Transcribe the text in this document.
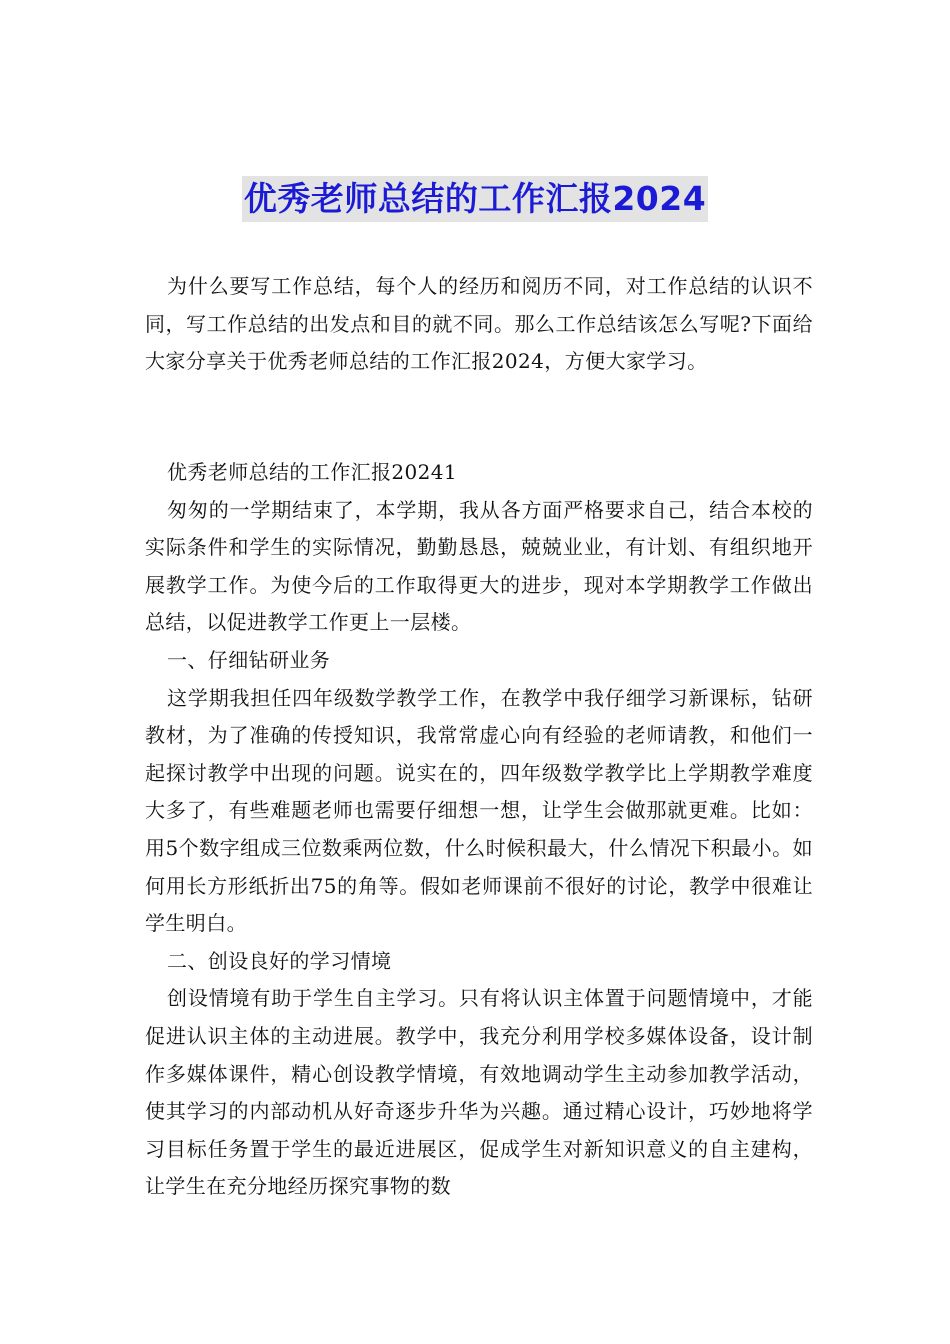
优秀老师总结的工作汇报2024

为什么要写工作总结，每个人的经历和阅历不同，对工作总结的认识不同，写工作总结的出发点和目的就不同。那么工作总结该怎么写呢?下面给大家分享关于优秀老师总结的工作汇报2024，方便大家学习。

优秀老师总结的工作汇报20241

匆匆的一学期结束了，本学期，我从各方面严格要求自己，结合本校的实际条件和学生的实际情况，勤勤恳恳，兢兢业业，有计划、有组织地开展教学工作。为使今后的工作取得更大的进步，现对本学期教学工作做出总结，以促进教学工作更上一层楼。

一、仔细钻研业务

这学期我担任四年级数学教学工作，在教学中我仔细学习新课标，钻研教材，为了准确的传授知识，我常常虚心向有经验的老师请教，和他们一起探讨教学中出现的问题。说实在的，四年级数学教学比上学期教学难度大多了，有些难题老师也需要仔细想一想，让学生会做那就更难。比如：用5个数字组成三位数乘两位数，什么时候积最大，什么情况下积最小。如何用长方形纸折出75的角等。假如老师课前不很好的讨论，教学中很难让学生明白。

二、创设良好的学习情境

创设情境有助于学生自主学习。只有将认识主体置于问题情境中，才能促进认识主体的主动进展。教学中，我充分利用学校多媒体设备，设计制作多媒体课件，精心创设教学情境，有效地调动学生主动参加教学活动，使其学习的内部动机从好奇逐步升华为兴趣。通过精心设计，巧妙地将学习目标任务置于学生的最近进展区，促成学生对新知识意义的自主建构，让学生在充分地经历探究事物的数
